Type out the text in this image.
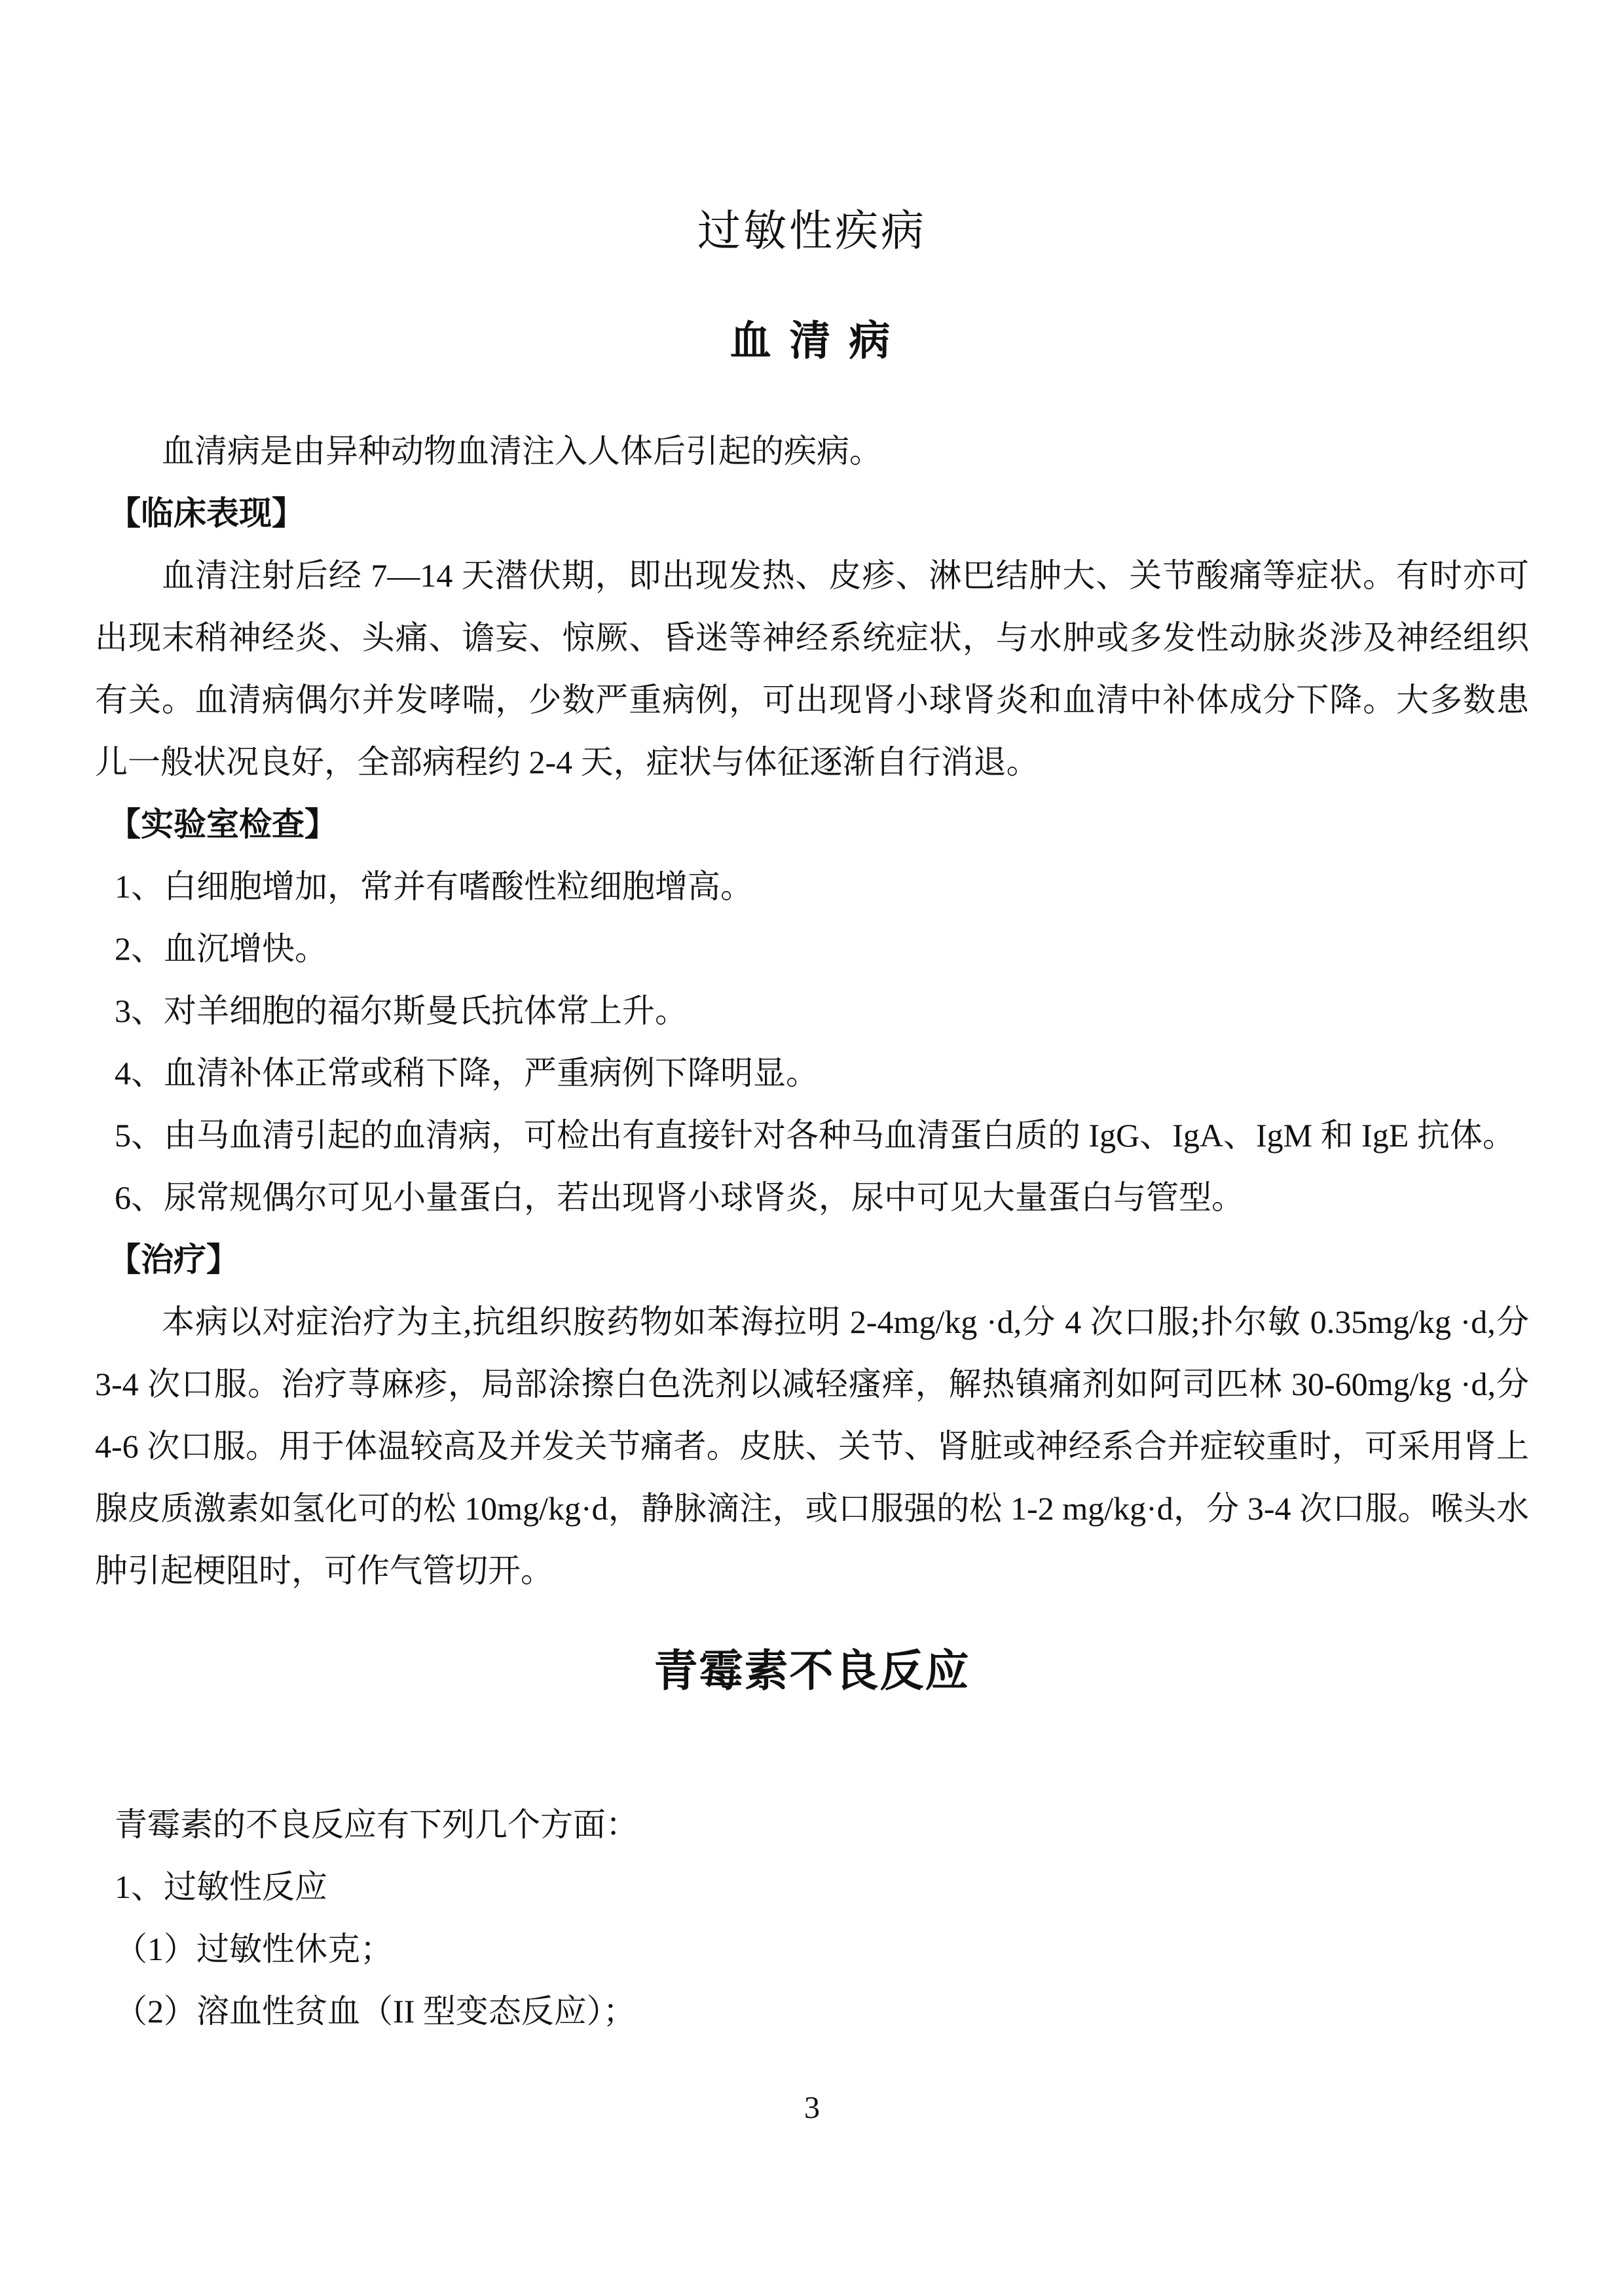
过敏性疾病
血 清 病

血清病是由异种动物血清注入人体后引起的疾病。

【临床表现】

血清注射后经 7—14 天潜伏期，即出现发热、皮疹、淋巴结肿大、关节酸痛等症状。有时亦可出现末稍神经炎、头痛、谵妄、惊厥、昏迷等神经系统症状，与水肿或多发性动脉炎涉及神经组织有关。血清病偶尔并发哮喘，少数严重病例，可出现肾小球肾炎和血清中补体成分下降。大多数患儿一般状况良好，全部病程约 2-4 天，症状与体征逐渐自行消退。

【实验室检查】

1、白细胞增加，常并有嗜酸性粒细胞增高。

2、血沉增快。

3、对羊细胞的福尔斯曼氏抗体常上升。

4、血清补体正常或稍下降，严重病例下降明显。

5、由马血清引起的血清病，可检出有直接针对各种马血清蛋白质的 IgG、IgA、IgM 和 IgE 抗体。

6、尿常规偶尔可见小量蛋白，若出现肾小球肾炎，尿中可见大量蛋白与管型。

【治疗】

本病以对症治疗为主,抗组织胺药物如苯海拉明 2-4mg/kg ·d,分 4 次口服;扑尔敏 0.35mg/kg ·d,分 3-4 次口服。治疗荨麻疹，局部涂擦白色洗剂以减轻瘙痒，解热镇痛剂如阿司匹林 30-60mg/kg ·d,分 4-6 次口服。用于体温较高及并发关节痛者。皮肤、关节、肾脏或神经系合并症较重时，可采用肾上腺皮质激素如氢化可的松 10mg/kg·d，静脉滴注，或口服强的松 1-2 mg/kg·d，分 3-4 次口服。喉头水肿引起梗阻时，可作气管切开。

青霉素不良反应

青霉素的不良反应有下列几个方面：

1、过敏性反应

（1）过敏性休克；

（2）溶血性贫血（II 型变态反应）；

3
